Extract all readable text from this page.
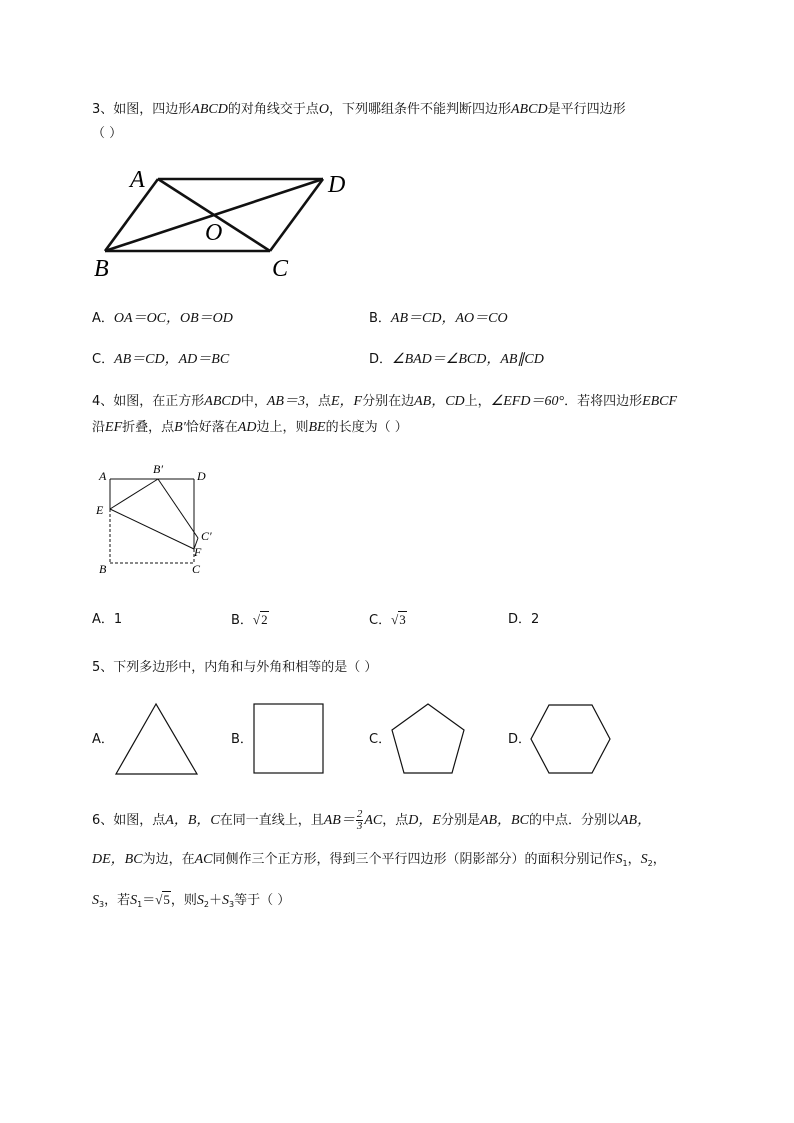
3、如图，四边形ABCD的对角线交于点O，下列哪组条件不能判断四边形ABCD是平行四边形
（ ）
A	D
O
B	C
A．OA＝OC，OB＝OD	B．AB＝CD，AO＝CO
C．AB＝CD，AD＝BC	D．∠BAD＝∠BCD，AB∥CD
4、如图，在正方形ABCD中，AB＝3，点E，F分别在边AB，CD上，∠EFD＝60°．若将四边形EBCF
沿EF折叠，点B′恰好落在AD边上，则BE的长度为（ ）
A	B′	D
E
C′
F
B	C
A．1	B．√2	C．√3	D．2
5、下列多边形中，内角和与外角和相等的是（ ）
A．	B．	C．	D．
6、如图，点A，B，C在同一直线上，且$AB= \frac{2}{3}$ AC，点D，E分别是AB，BC的中点．分别以AB，
DE，BC为边，在AC同侧作三个正方形，得到三个平行四边形（阴影部分）的面积分别记作$S_1$，$S_2$，
$S_3$，若$S_1=√5$，则$S_2+S_3$等于（ ）
